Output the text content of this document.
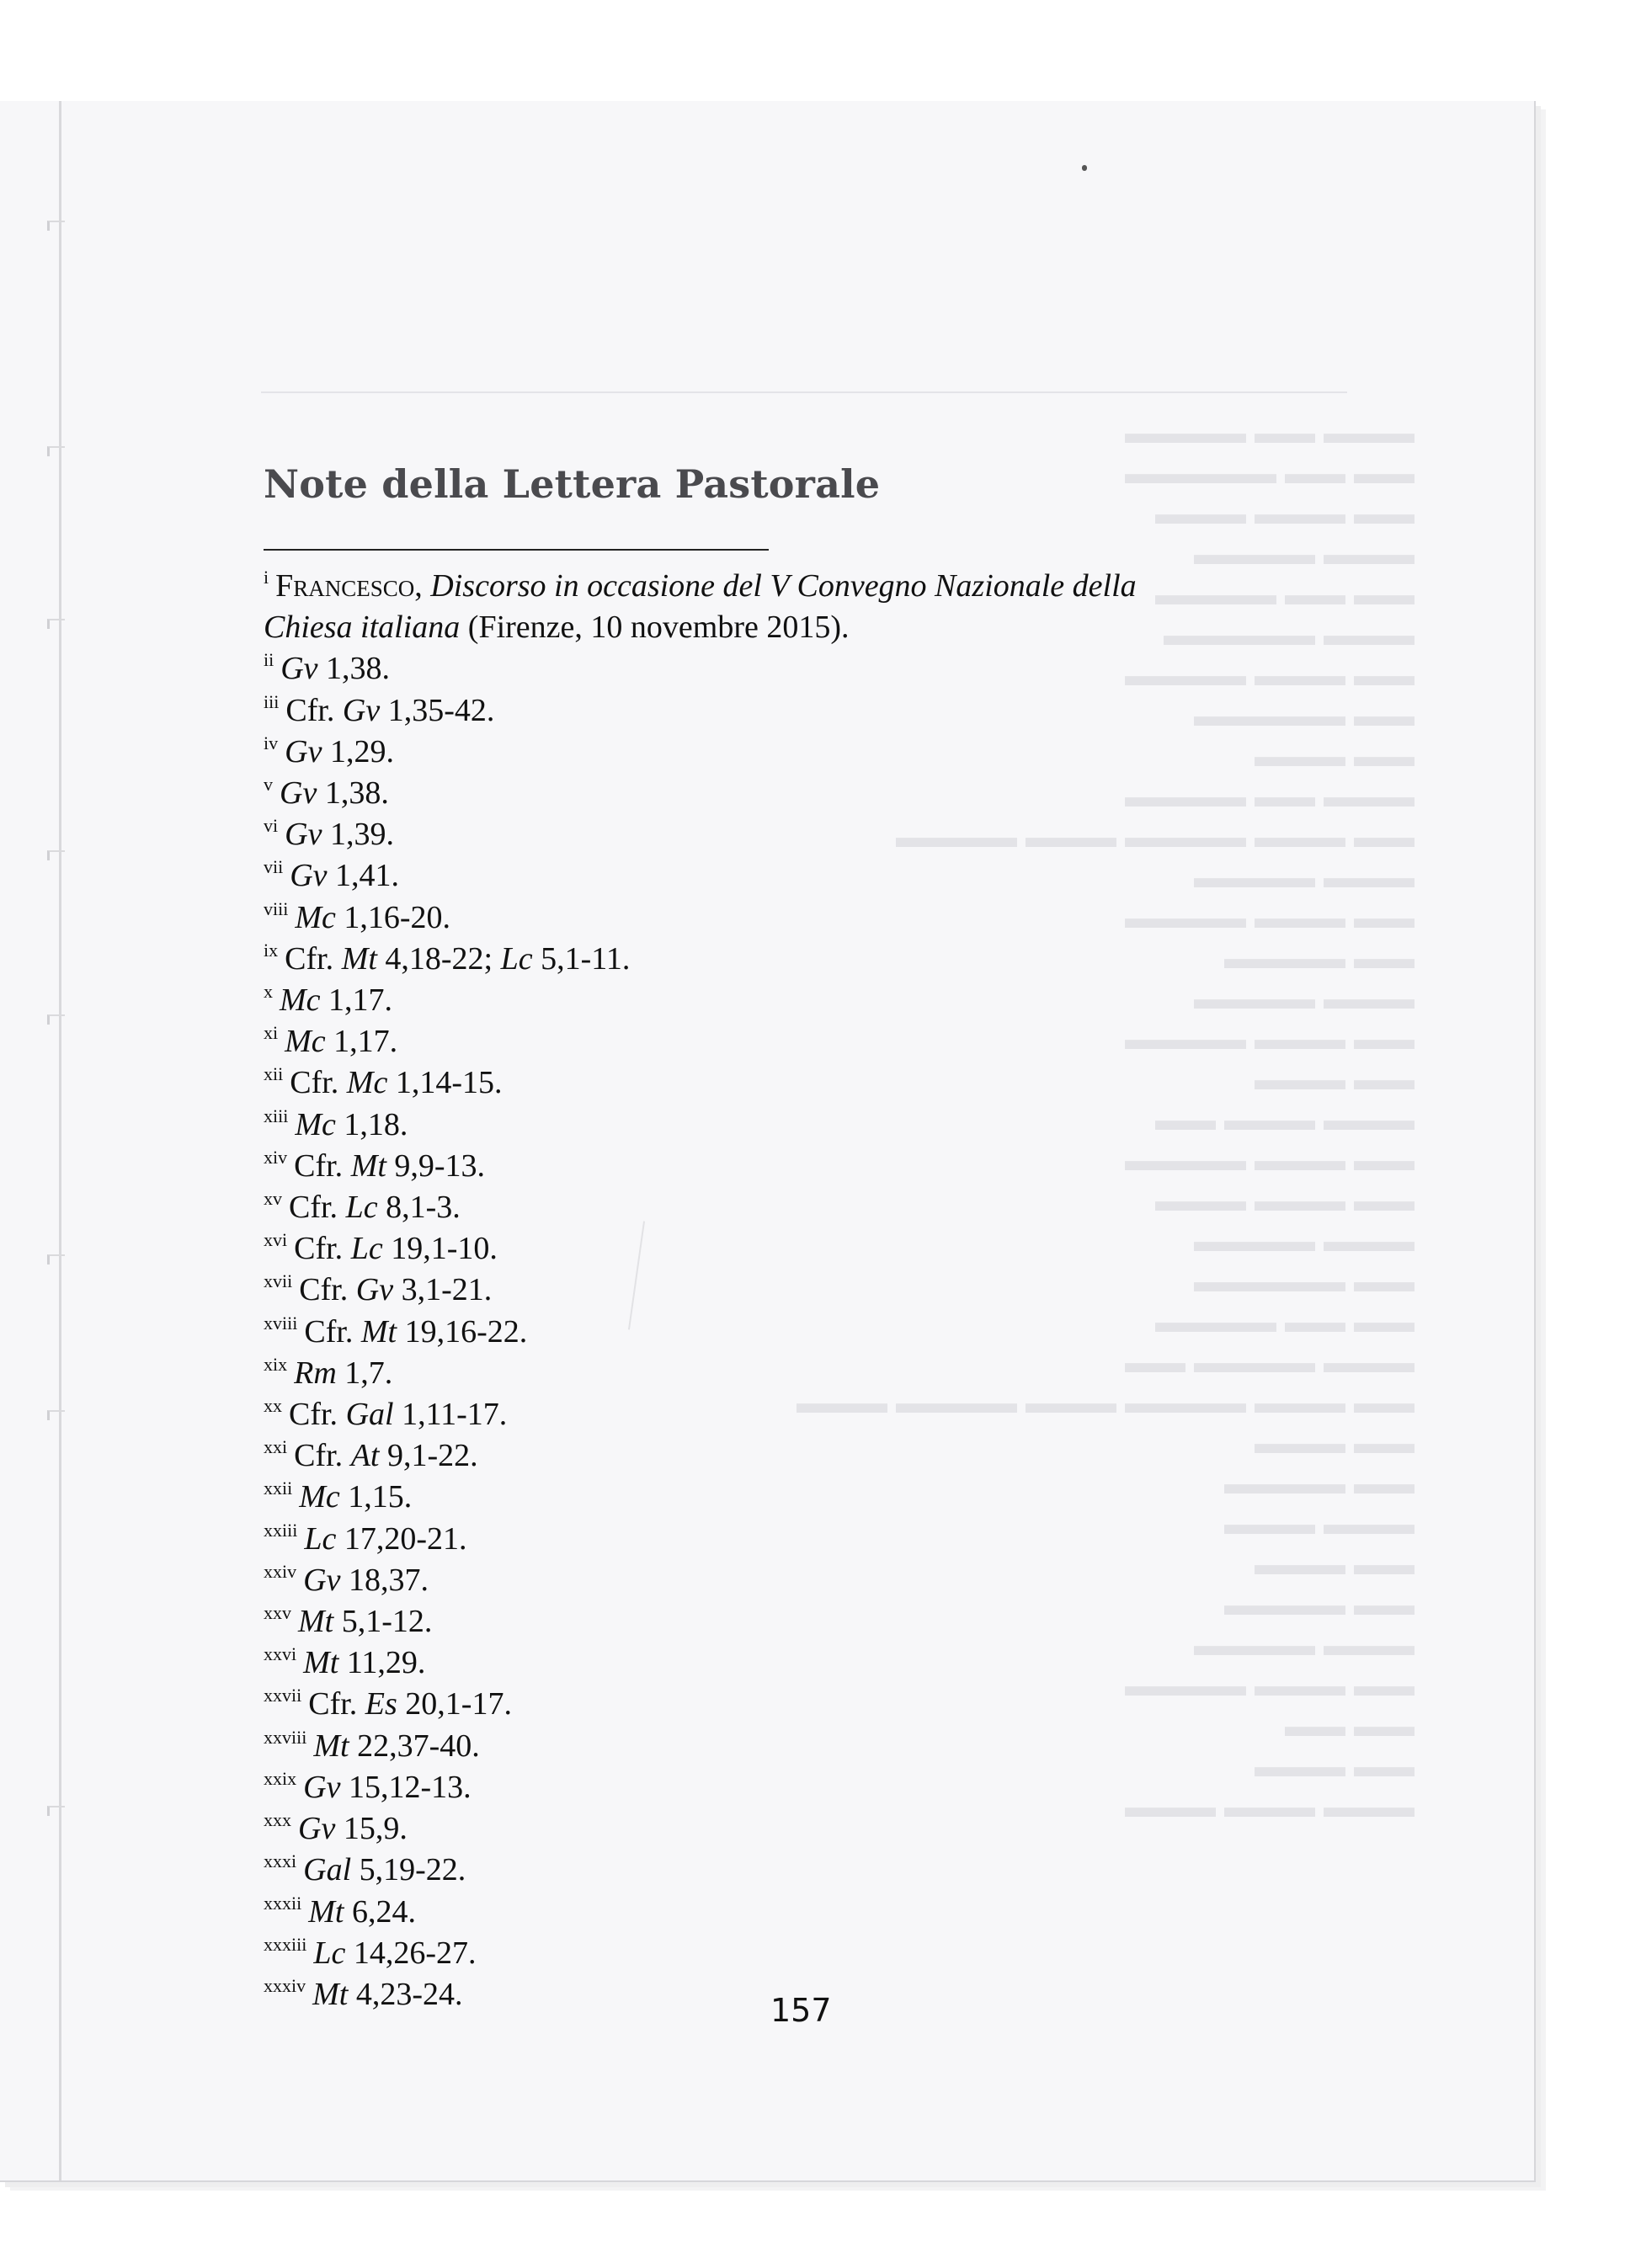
▬▬▬ ▬▬ ▬▬▬▬
▬▬ ▬▬ ▬▬▬▬▬
▬▬ ▬▬▬ ▬▬▬
▬▬▬ ▬▬▬▬
▬▬ ▬▬ ▬▬▬▬
▬▬▬ ▬▬▬▬▬
▬▬ ▬▬▬ ▬▬▬▬
▬▬ ▬▬▬▬▬
▬▬ ▬▬▬
▬▬▬ ▬▬ ▬▬▬▬
▬▬ ▬▬▬ ▬▬▬▬ ▬▬▬ ▬▬▬▬
▬▬▬ ▬▬▬▬
▬▬ ▬▬▬ ▬▬▬▬
▬▬ ▬▬▬▬
▬▬▬ ▬▬▬▬
▬▬ ▬▬▬ ▬▬▬▬
▬▬ ▬▬▬
▬▬▬ ▬▬▬ ▬▬
▬▬ ▬▬▬ ▬▬▬▬
▬▬ ▬▬▬ ▬▬▬
▬▬▬ ▬▬▬▬
▬▬ ▬▬▬▬▬
▬▬ ▬▬ ▬▬▬▬
▬▬▬ ▬▬▬▬ ▬▬
▬▬ ▬▬▬ ▬▬▬▬ ▬▬▬ ▬▬▬▬ ▬▬▬
▬▬ ▬▬▬
▬▬ ▬▬▬▬
▬▬▬ ▬▬▬
▬▬ ▬▬▬
▬▬ ▬▬▬▬
▬▬▬ ▬▬▬▬
▬▬ ▬▬▬ ▬▬▬▬
▬▬ ▬▬
▬▬ ▬▬▬
▬▬▬ ▬▬▬ ▬▬▬
Note della Lettera Pastorale
$^i$ Francesco, Discorso in occasione del V Convegno Nazionale della
Chiesa italiana (Firenze, 10 novembre 2015).
$^{ii}$ Gv 1,38.
$^{iii}$ Cfr. Gv 1,35-42.
$^{iv}$ Gv 1,29.
$^v$ Gv 1,38.
$^{vi}$ Gv 1,39.
$^{vii}$ Gv 1,41.
$^{viii}$ Mc 1,16-20.
$^{ix}$ Cfr. Mt 4,18-22; Lc 5,1-11.
$^x$ Mc 1,17.
$^{xi}$ Mc 1,17.
$^{xii}$ Cfr. Mc 1,14-15.
$^{xiii}$ Mc 1,18.
$^{xiv}$ Cfr. Mt 9,9-13.
$^{xv}$ Cfr. Lc 8,1-3.
$^{xvi}$ Cfr. Lc 19,1-10.
$^{xvii}$ Cfr. Gv 3,1-21.
$^{xviii}$ Cfr. Mt 19,16-22.
$^{xix}$ Rm 1,7.
$^{xx}$ Cfr. Gal 1,11-17.
$^{xxi}$ Cfr. At 9,1-22.
$^{xxii}$ Mc 1,15.
$^{xxiii}$ Lc 17,20-21.
$^{xxiv}$ Gv 18,37.
$^{xxv}$ Mt 5,1-12.
$^{xxvi}$ Mt 11,29.
$^{xxvii}$ Cfr. Es 20,1-17.
$^{xxviii}$ Mt 22,37-40.
$^{xxix}$ Gv 15,12-13.
$^{xxx}$ Gv 15,9.
$^{xxxi}$ Gal 5,19-22.
$^{xxxii}$ Mt 6,24.
$^{xxxiii}$ Lc 14,26-27.
$^{xxxiv}$ Mt 4,23-24.	157
